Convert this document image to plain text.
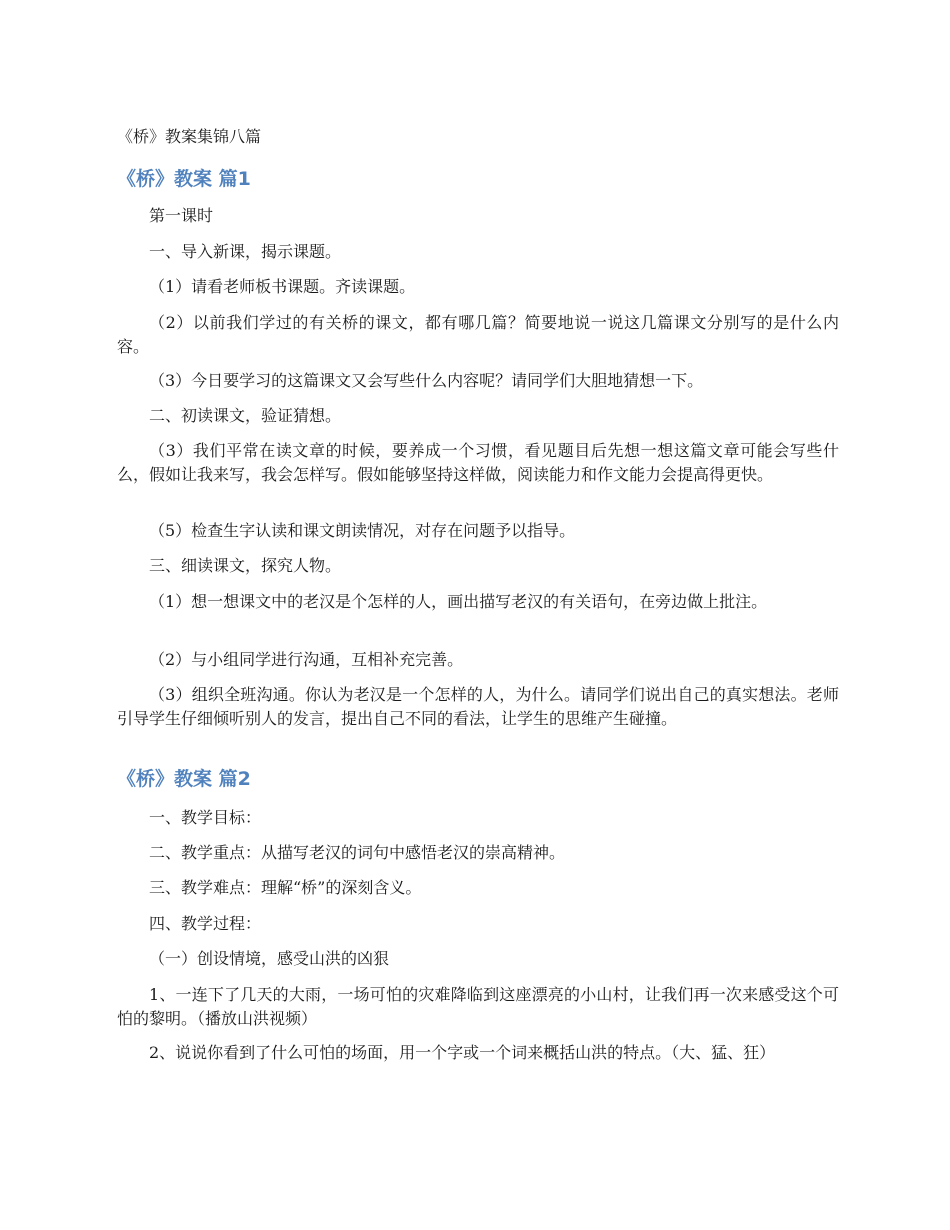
《桥》教案集锦八篇

《桥》教案 篇1

第一课时

一、导入新课，揭示课题。

（1）请看老师板书课题。齐读课题。

（2）以前我们学过的有关桥的课文，都有哪几篇？简要地说一说这几篇课文分别写的是什么内容。

（3）今日要学习的这篇课文又会写些什么内容呢？请同学们大胆地猜想一下。

二、初读课文，验证猜想。

（3）我们平常在读文章的时候，要养成一个习惯，看见题目后先想一想这篇文章可能会写些什么，假如让我来写，我会怎样写。假如能够坚持这样做，阅读能力和作文能力会提高得更快。

（5）检查生字认读和课文朗读情况，对存在问题予以指导。

三、细读课文，探究人物。

（1）想一想课文中的老汉是个怎样的人，画出描写老汉的有关语句，在旁边做上批注。

（2）与小组同学进行沟通，互相补充完善。

（3）组织全班沟通。你认为老汉是一个怎样的人，为什么。请同学们说出自己的真实想法。老师引导学生仔细倾听别人的发言，提出自己不同的看法，让学生的思维产生碰撞。

《桥》教案 篇2

一、教学目标：

二、教学重点：从描写老汉的词句中感悟老汉的崇高精神。

三、教学难点：理解“桥”的深刻含义。

四、教学过程：

（一）创设情境，感受山洪的凶狠

1、一连下了几天的大雨，一场可怕的灾难降临到这座漂亮的小山村，让我们再一次来感受这个可怕的黎明。（播放山洪视频）

2、说说你看到了什么可怕的场面，用一个字或一个词来概括山洪的特点。（大、猛、狂）
